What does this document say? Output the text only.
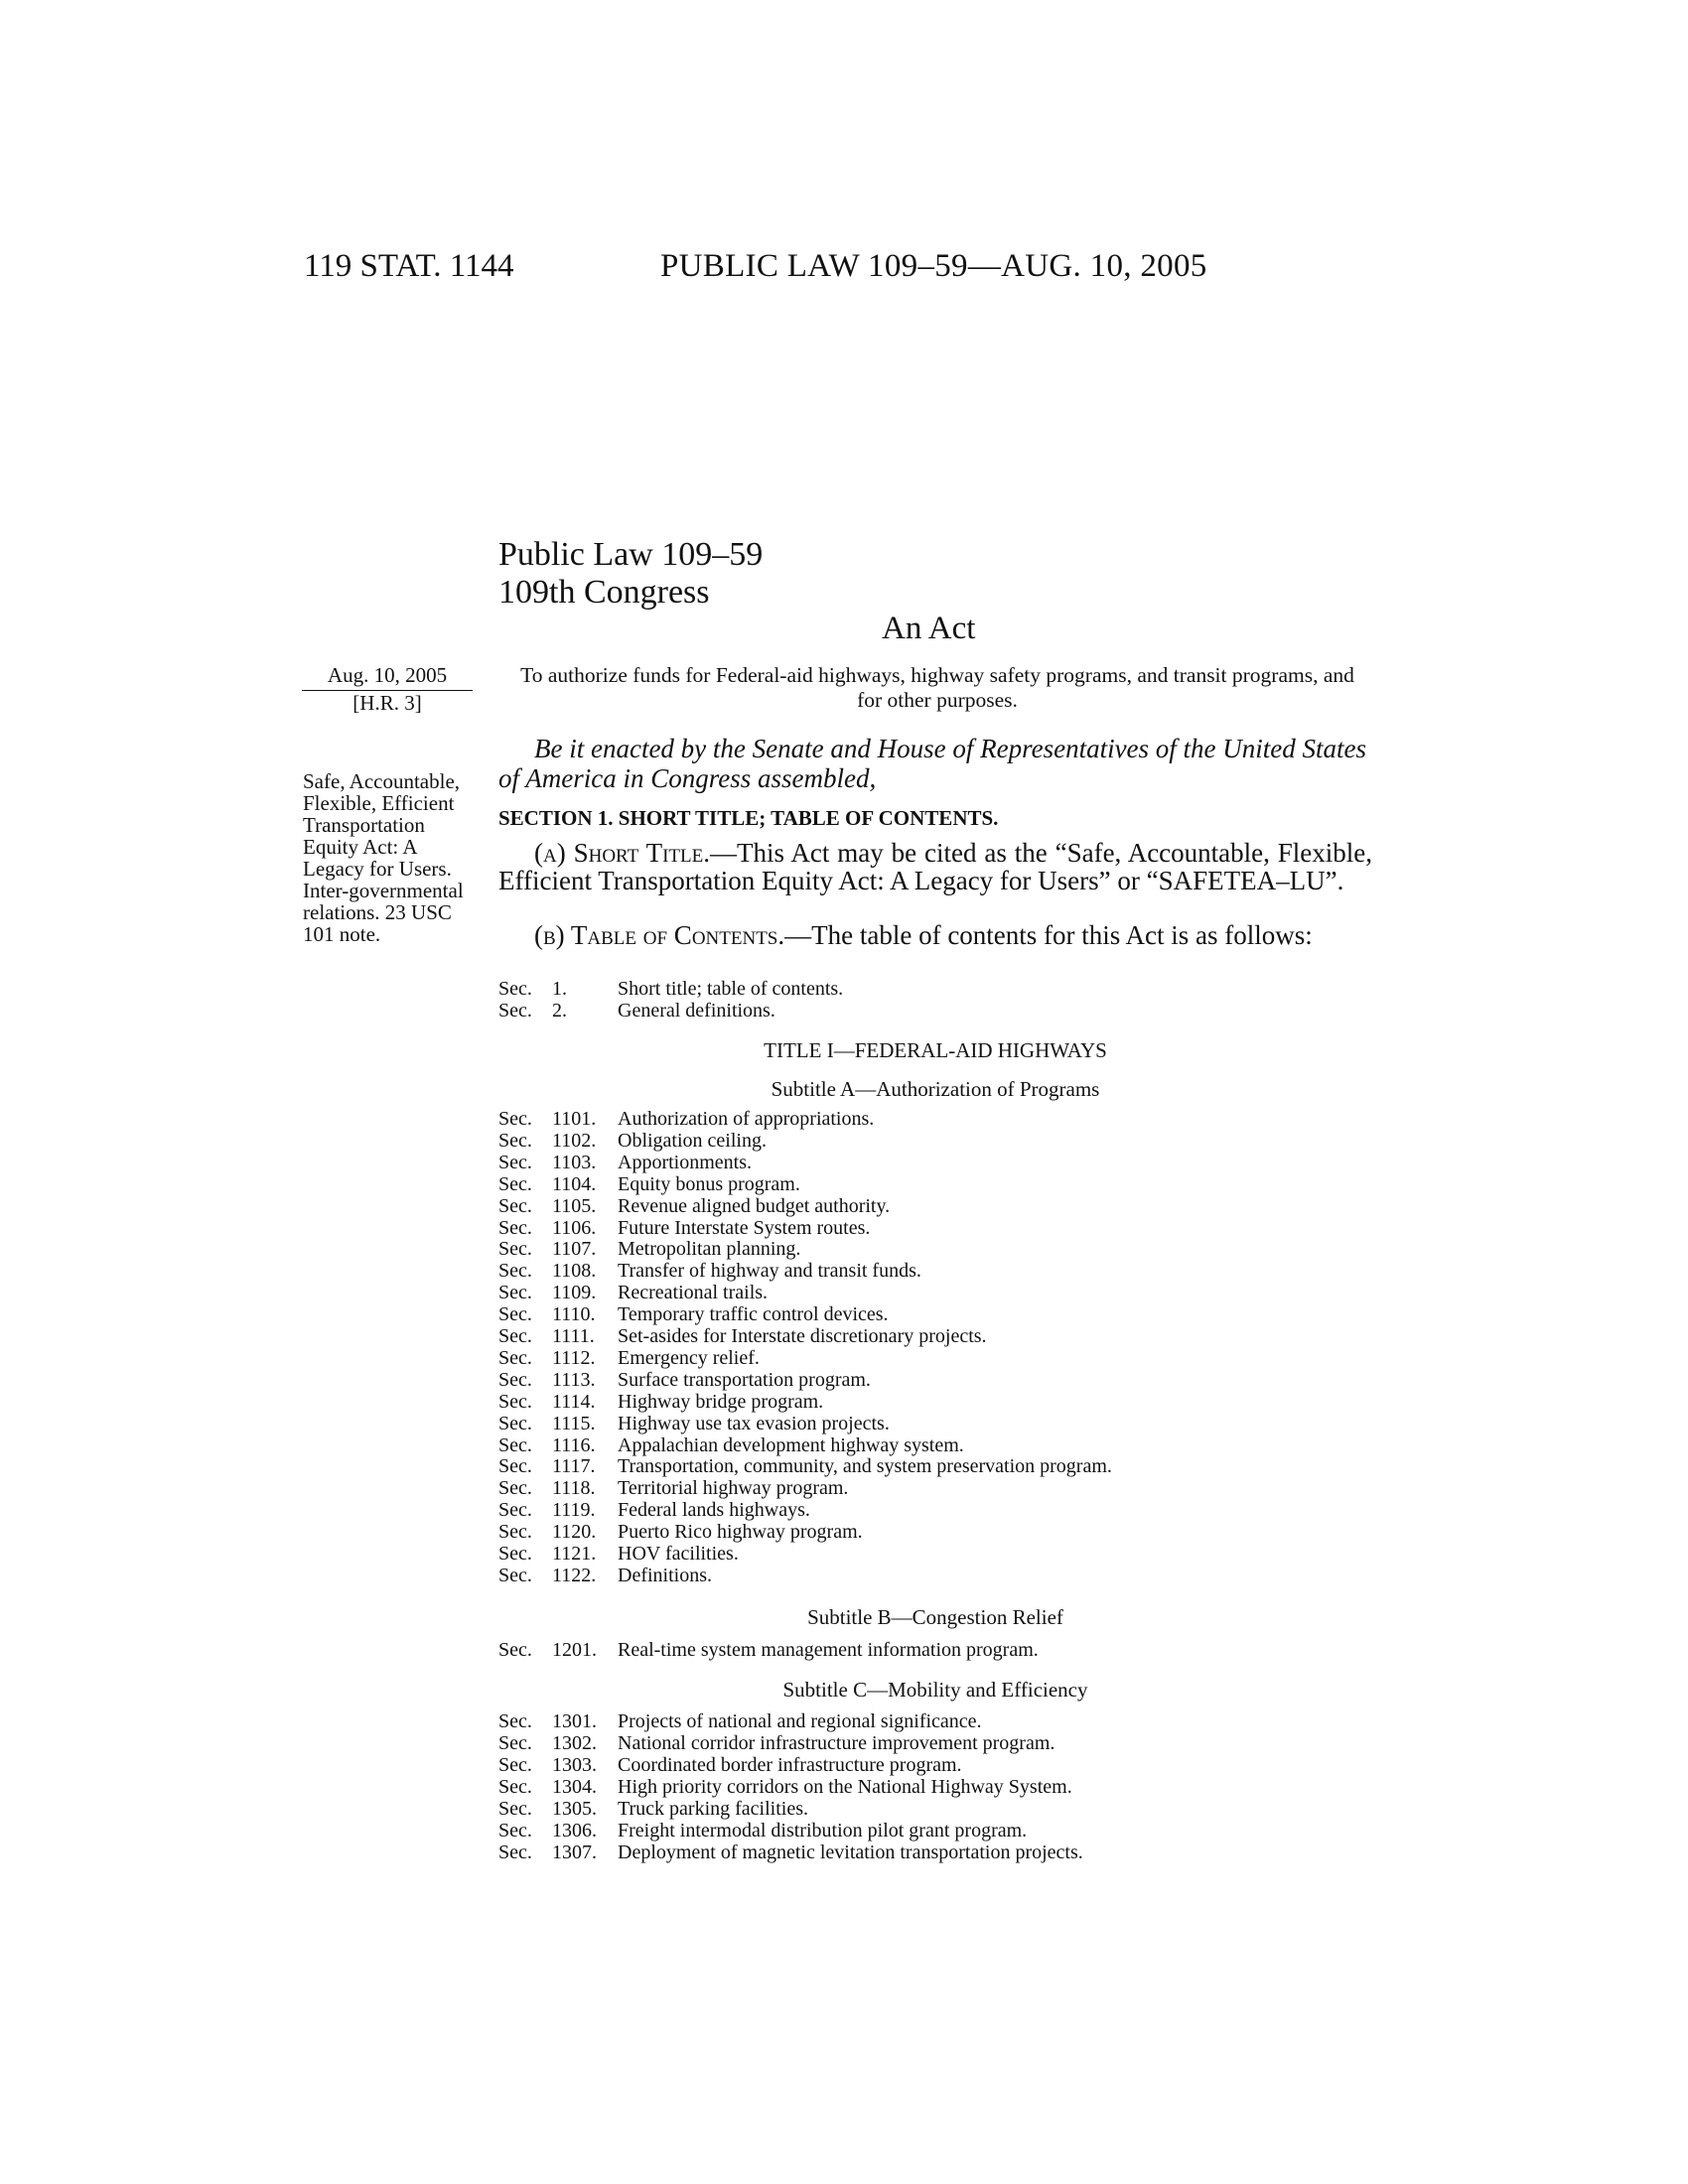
119 STAT. 1144	PUBLIC LAW 109–59—AUG. 10, 2005
Public Law 109–59
109th Congress
An Act
Aug. 10, 2005
[H.R. 3]
Safe, Accountable, Flexible, Efficient Transportation Equity Act: A Legacy for Users. Inter-governmental relations. 23 USC 101 note.
To authorize funds for Federal-aid highways, highway safety programs, and transit programs, and for other purposes.
Be it enacted by the Senate and House of Representatives of the United States of America in Congress assembled,
SECTION 1. SHORT TITLE; TABLE OF CONTENTS.
(a) Short Title.—This Act may be cited as the “Safe, Accountable, Flexible, Efficient Transportation Equity Act: A Legacy for Users” or “SAFETEA–LU”.
(b) Table of Contents.—The table of contents for this Act is as follows:
Sec. 1.	Short title; table of contents.
Sec. 2.	General definitions.
TITLE I—FEDERAL-AID HIGHWAYS
Subtitle A—Authorization of Programs
Sec. 1101. Authorization of appropriations.
Sec. 1102. Obligation ceiling.
Sec. 1103. Apportionments.
Sec. 1104. Equity bonus program.
Sec. 1105. Revenue aligned budget authority.
Sec. 1106. Future Interstate System routes.
Sec. 1107. Metropolitan planning.
Sec. 1108. Transfer of highway and transit funds.
Sec. 1109. Recreational trails.
Sec. 1110. Temporary traffic control devices.
Sec. 1111. Set-asides for Interstate discretionary projects.
Sec. 1112. Emergency relief.
Sec. 1113. Surface transportation program.
Sec. 1114. Highway bridge program.
Sec. 1115. Highway use tax evasion projects.
Sec. 1116. Appalachian development highway system.
Sec. 1117. Transportation, community, and system preservation program.
Sec. 1118. Territorial highway program.
Sec. 1119. Federal lands highways.
Sec. 1120. Puerto Rico highway program.
Sec. 1121. HOV facilities.
Sec. 1122. Definitions.
Subtitle B—Congestion Relief
Sec. 1201. Real-time system management information program.
Subtitle C—Mobility and Efficiency
Sec. 1301. Projects of national and regional significance.
Sec. 1302. National corridor infrastructure improvement program.
Sec. 1303. Coordinated border infrastructure program.
Sec. 1304. High priority corridors on the National Highway System.
Sec. 1305. Truck parking facilities.
Sec. 1306. Freight intermodal distribution pilot grant program.
Sec. 1307. Deployment of magnetic levitation transportation projects.
